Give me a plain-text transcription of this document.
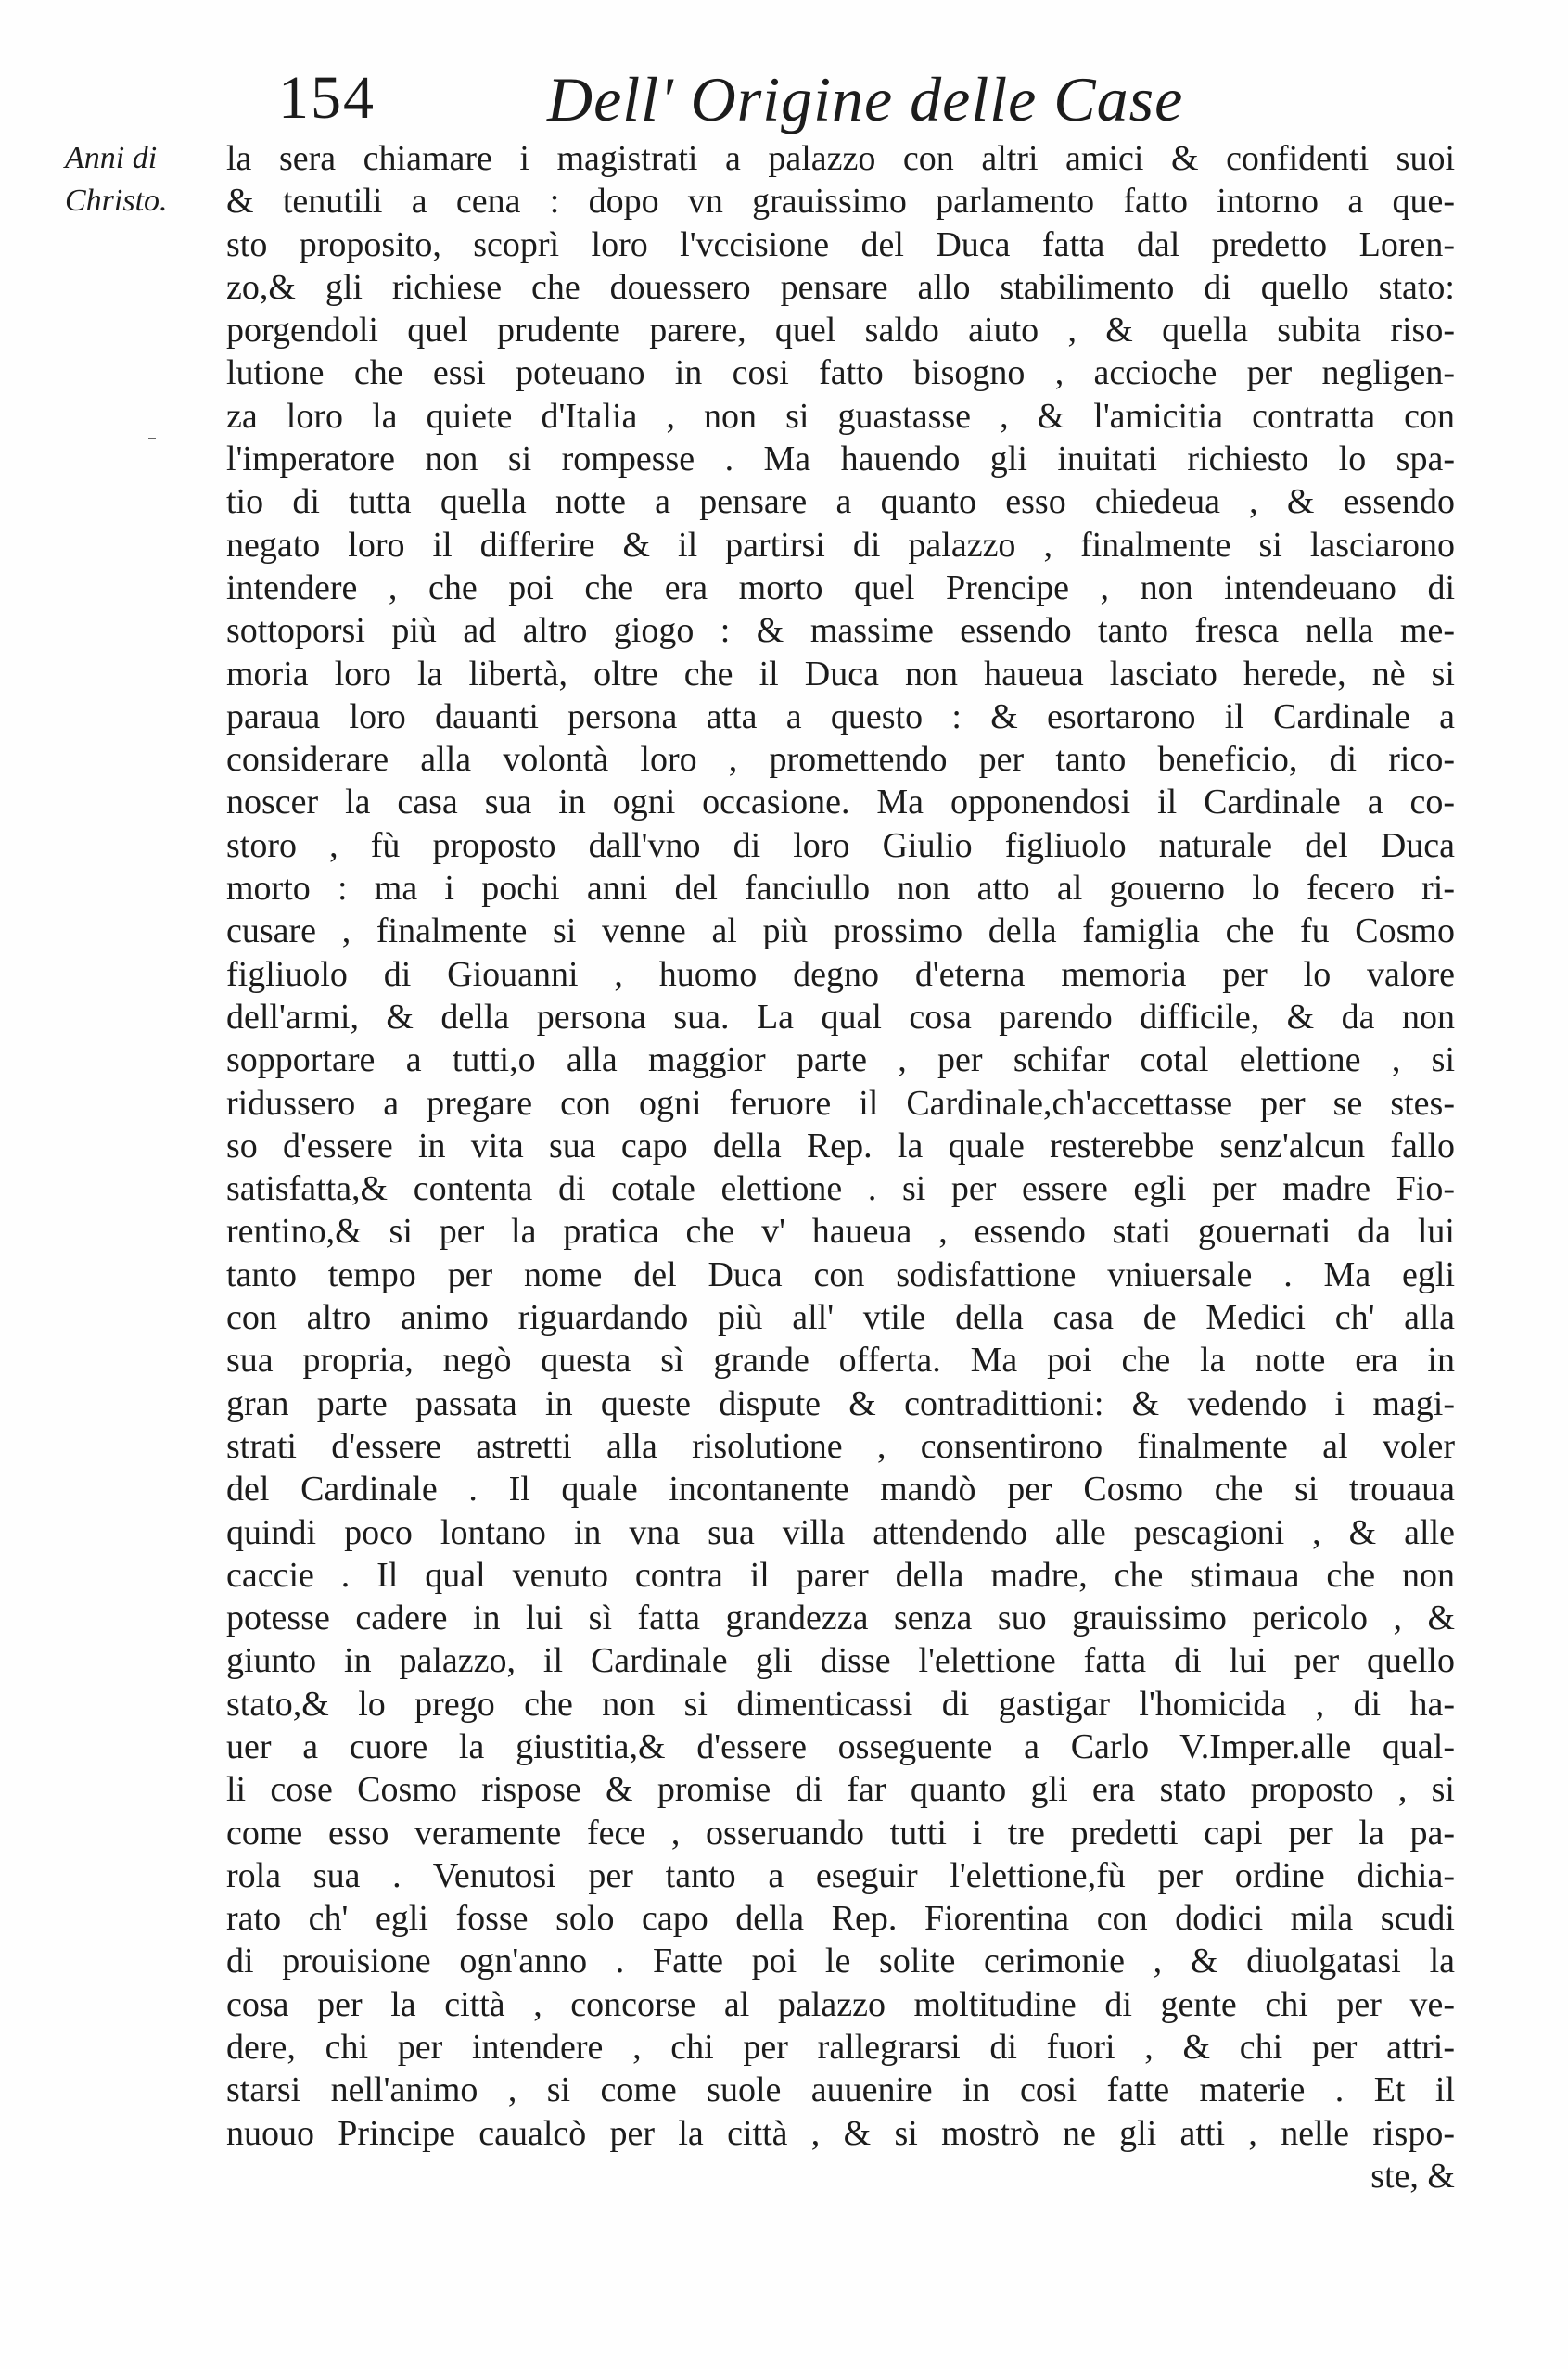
154	Dell' Origine delle Case
Anni di
Christo.
la sera chiamare i magistrati a palazzo con altri amici & confidenti suoi
& tenutili a cena : dopo vn grauissimo parlamento fatto intorno a que-
sto proposito, scoprì loro l'vccisione del Duca fatta dal predetto Loren-
zo,& gli richiese che douessero pensare allo stabilimento di quello stato:
porgendoli quel prudente parere, quel saldo aiuto , & quella subita riso-
lutione che essi poteuano in cosi fatto bisogno , accioche per negligen-
za loro la quiete d'Italia , non si guastasse , & l'amicitia contratta con
l'imperatore non si rompesse . Ma hauendo gli inuitati richiesto lo spa-
tio di tutta quella notte a pensare a quanto esso chiedeua , & essendo
negato loro il differire & il partirsi di palazzo , finalmente si lasciarono
intendere , che poi che era morto quel Prencipe , non intendeuano di
sottoporsi più ad altro giogo : & massime essendo tanto fresca nella me-
moria loro la libertà, oltre che il Duca non haueua lasciato herede, nè si
paraua loro dauanti persona atta a questo : & esortarono il Cardinale a
considerare alla volontà loro , promettendo per tanto beneficio, di rico-
noscer la casa sua in ogni occasione. Ma opponendosi il Cardinale a co-
storo , fù proposto dall'vno di loro Giulio figliuolo naturale del Duca
morto : ma i pochi anni del fanciullo non atto al gouerno lo fecero ri-
cusare , finalmente si venne al più prossimo della famiglia che fu Cosmo
figliuolo di Giouanni , huomo degno d'eterna memoria per lo valore
dell'armi, & della persona sua. La qual cosa parendo difficile, & da non
sopportare a tutti,o alla maggior parte , per schifar cotal elettione , si
ridussero a pregare con ogni feruore il Cardinale,ch'accettasse per se stes-
so d'essere in vita sua capo della Rep. la quale resterebbe senz'alcun fallo
satisfatta,& contenta di cotale elettione . si per essere egli per madre Fio-
rentino,& si per la pratica che v' haueua , essendo stati gouernati da lui
tanto tempo per nome del Duca con sodisfattione vniuersale . Ma egli
con altro animo riguardando più all' vtile della casa de Medici ch' alla
sua propria, negò questa sì grande offerta. Ma poi che la notte era in
gran parte passata in queste dispute & contradittioni: & vedendo i magi-
strati d'essere astretti alla risolutione , consentirono finalmente al voler
del Cardinale . Il quale incontanente mandò per Cosmo che si trouaua
quindi poco lontano in vna sua villa attendendo alle pescagioni , & alle
caccie . Il qual venuto contra il parer della madre, che stimaua che non
potesse cadere in lui sì fatta grandezza senza suo grauissimo pericolo , &
giunto in palazzo, il Cardinale gli disse l'elettione fatta di lui per quello
stato,& lo prego che non si dimenticassi di gastigar l'homicida , di ha-
uer a cuore la giustitia,& d'essere osseguente a Carlo V.Imper.alle qual-
li cose Cosmo rispose & promise di far quanto gli era stato proposto , si
come esso veramente fece , osseruando tutti i tre predetti capi per la pa-
rola sua . Venutosi per tanto a eseguir l'elettione,fù per ordine dichia-
rato ch' egli fosse solo capo della Rep. Fiorentina con dodici mila scudi
di prouisione ogn'anno . Fatte poi le solite cerimonie , & diuolgatasi la
cosa per la città , concorse al palazzo moltitudine di gente chi per ve-
dere, chi per intendere , chi per rallegrarsi di fuori , & chi per attri-
starsi nell'animo , si come suole auuenire in cosi fatte materie . Et il
nuouo Principe caualcò per la città , & si mostrò ne gli atti , nelle rispo-
ste, &
